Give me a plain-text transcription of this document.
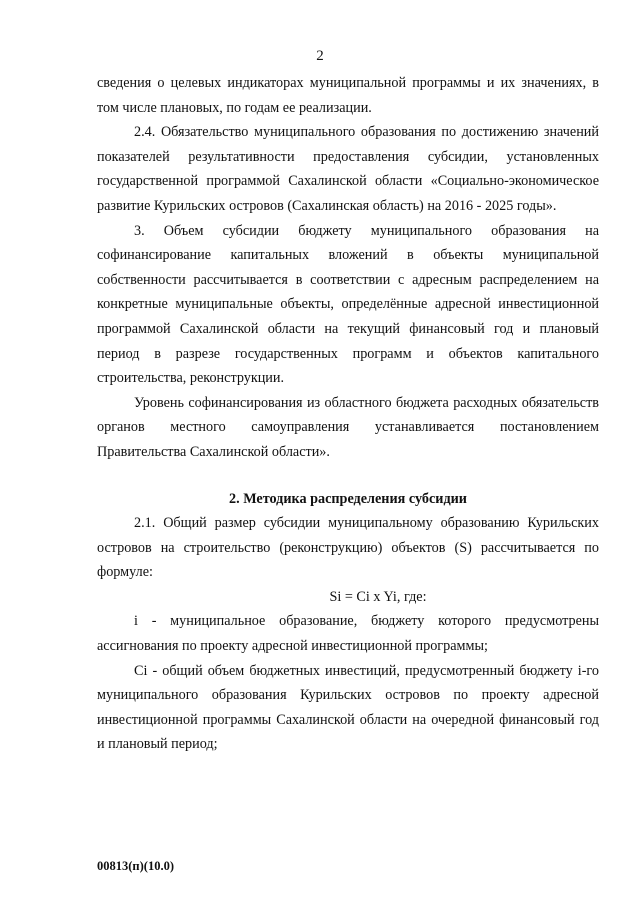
2

сведения о целевых индикаторах муниципальной программы и их значениях, в том числе плановых, по годам ее реализации.

2.4. Обязательство муниципального образования по достижению значений показателей результативности предоставления субсидии, установленных государственной программой Сахалинской области «Социально-экономическое развитие Курильских островов (Сахалинская область) на 2016 - 2025 годы».

3. Объем субсидии бюджету муниципального образования на софинансирование капитальных вложений в объекты муниципальной собственности рассчитывается в соответствии с адресным распределением на конкретные муниципальные объекты, определённые адресной инвестиционной программой Сахалинской области на текущий финансовый год и плановый период в разрезе государственных программ и объектов капитального строительства, реконструкции.

Уровень софинансирования из областного бюджета расходных обязательств органов местного самоуправления устанавливается постановлением Правительства Сахалинской области».

2. Методика распределения субсидии

2.1. Общий размер субсидии муниципальному образованию Курильских островов на строительство (реконструкцию) объектов (S) рассчитывается по формуле:

Si = Ci x Yi, где:

i - муниципальное образование, бюджету которого предусмотрены ассигнования по проекту адресной инвестиционной программы;

Ci - общий объем бюджетных инвестиций, предусмотренный бюджету i-го муниципального образования Курильских островов по проекту адресной инвестиционной программы Сахалинской области на очередной финансовый год и плановый период;

00813(п)(10.0)
